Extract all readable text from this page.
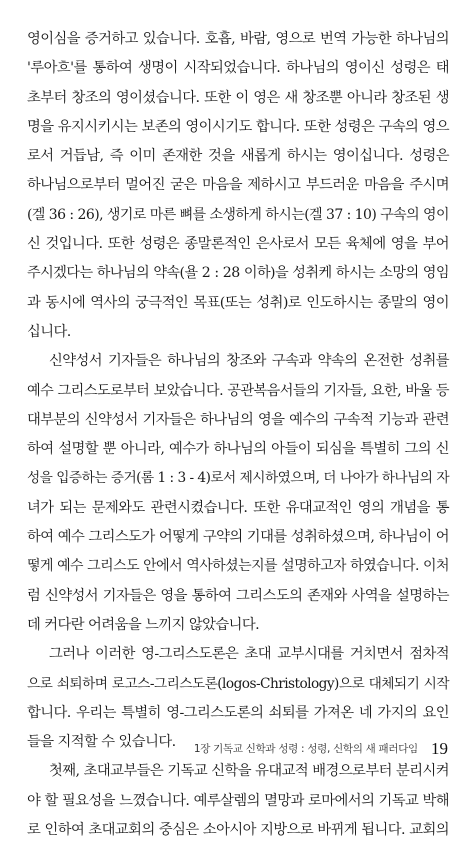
영이심을 증거하고 있습니다. 호흡, 바람, 영으로 번역 가능한 하나님의
'루아흐'를 통하여 생명이 시작되었습니다. 하나님의 영이신 성령은 태
초부터 창조의 영이셨습니다. 또한 이 영은 새 창조뿐 아니라 창조된 생
명을 유지시키시는 보존의 영이시기도 합니다. 또한 성령은 구속의 영으
로서 거듭남, 즉 이미 존재한 것을 새롭게 하시는 영이십니다. 성령은
하나님으로부터 멀어진 굳은 마음을 제하시고 부드러운 마음을 주시며
(겔 36 : 26), 생기로 마른 뼈를 소생하게 하시는(겔 37 : 10) 구속의 영이
신 것입니다. 또한 성령은 종말론적인 은사로서 모든 육체에 영을 부어
주시겠다는 하나님의 약속(욜 2 : 28 이하)을 성취케 하시는 소망의 영임
과 동시에 역사의 궁극적인 목표(또는 성취)로 인도하시는 종말의 영이
십니다.
신약성서 기자들은 하나님의 창조와 구속과 약속의 온전한 성취를
예수 그리스도로부터 보았습니다. 공관복음서들의 기자들, 요한, 바울 등
대부분의 신약성서 기자들은 하나님의 영을 예수의 구속적 기능과 관련
하여 설명할 뿐 아니라, 예수가 하나님의 아들이 되심을 특별히 그의 신
성을 입증하는 증거(롬 1 : 3 - 4)로서 제시하였으며, 더 나아가 하나님의 자
녀가 되는 문제와도 관련시켰습니다. 또한 유대교적인 영의 개념을 통
하여 예수 그리스도가 어떻게 구약의 기대를 성취하셨으며, 하나님이 어
떻게 예수 그리스도 안에서 역사하셨는지를 설명하고자 하였습니다. 이처
럼 신약성서 기자들은 영을 통하여 그리스도의 존재와 사역을 설명하는
데 커다란 어려움을 느끼지 않았습니다.
그러나 이러한 영-그리스도론은 초대 교부시대를 거치면서 점차적
으로 쇠퇴하며 로고스-그리스도론(logos-Christology)으로 대체되기 시작
합니다. 우리는 특별히 영-그리스도론의 쇠퇴를 가져온 네 가지의 요인
들을 지적할 수 있습니다.
첫째, 초대교부들은 기독교 신학을 유대교적 배경으로부터 분리시켜
야 할 필요성을 느꼈습니다. 예루살렘의 멸망과 로마에서의 기독교 박해
로 인하여 초대교회의 중심은 소아시아 지방으로 바뀌게 됩니다. 교회의
1장 기독교 신학과 성령 : 성령, 신학의 새 패러다임 19
